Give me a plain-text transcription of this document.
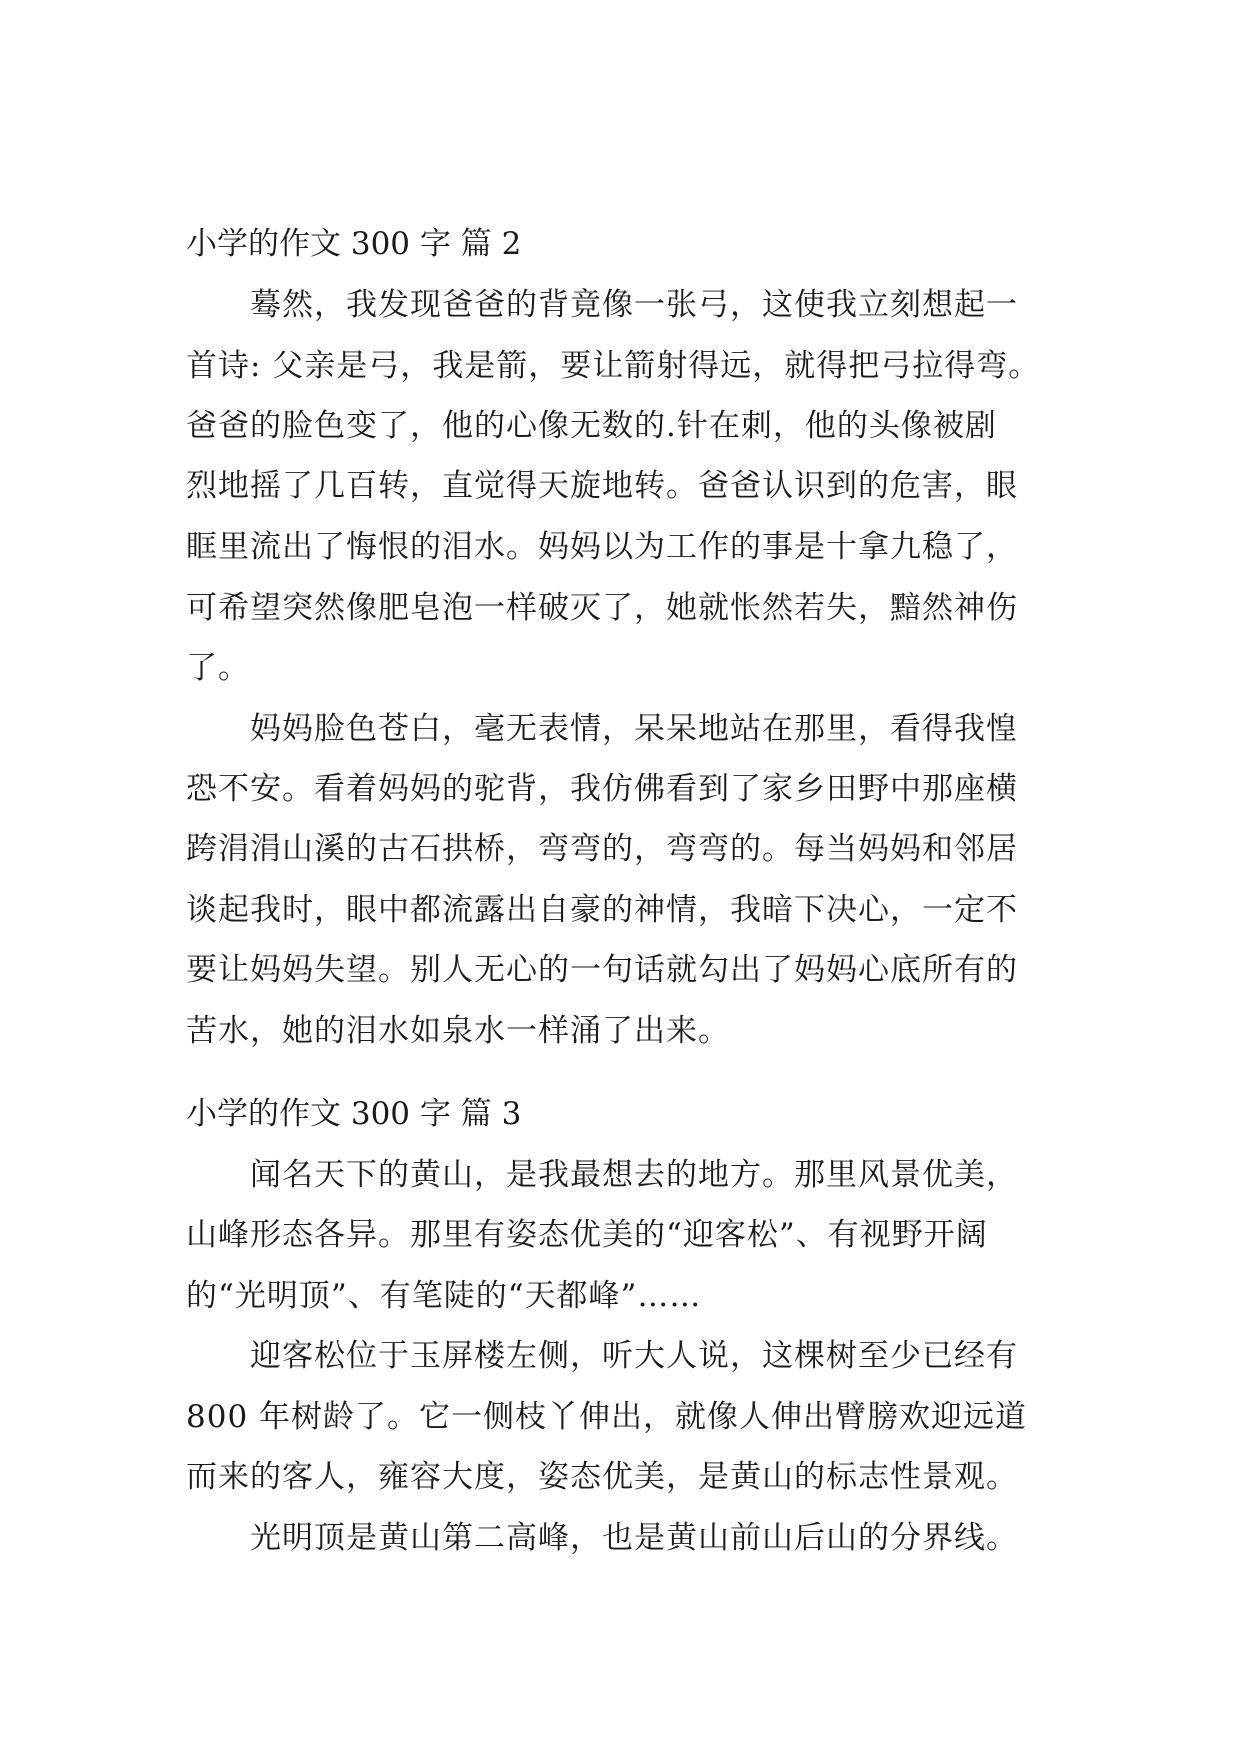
小学的作文 300 字 篇 2
蓦然，我发现爸爸的背竟像一张弓，这使我立刻想起一
首诗: 父亲是弓，我是箭，要让箭射得远，就得把弓拉得弯。
爸爸的脸色变了，他的心像无数的.针在刺，他的头像被剧
烈地摇了几百转，直觉得天旋地转。爸爸认识到的危害，眼
眶里流出了悔恨的泪水。妈妈以为工作的事是十拿九稳了，
可希望突然像肥皂泡一样破灭了，她就怅然若失，黯然神伤
了。
妈妈脸色苍白，毫无表情，呆呆地站在那里，看得我惶
恐不安。看着妈妈的驼背，我仿佛看到了家乡田野中那座横
跨涓涓山溪的古石拱桥，弯弯的，弯弯的。每当妈妈和邻居
谈起我时，眼中都流露出自豪的神情，我暗下决心，一定不
要让妈妈失望。别人无心的一句话就勾出了妈妈心底所有的
苦水，她的泪水如泉水一样涌了出来。
小学的作文 300 字 篇 3
闻名天下的黄山，是我最想去的地方。那里风景优美，
山峰形态各异。那里有姿态优美的“迎客松”、有视野开阔
的“光明顶”、有笔陡的“天都峰”……
迎客松位于玉屏楼左侧，听大人说，这棵树至少已经有
800 年树龄了。它一侧枝丫伸出，就像人伸出臂膀欢迎远道
而来的客人，雍容大度，姿态优美，是黄山的标志性景观。
光明顶是黄山第二高峰，也是黄山前山后山的分界线。
